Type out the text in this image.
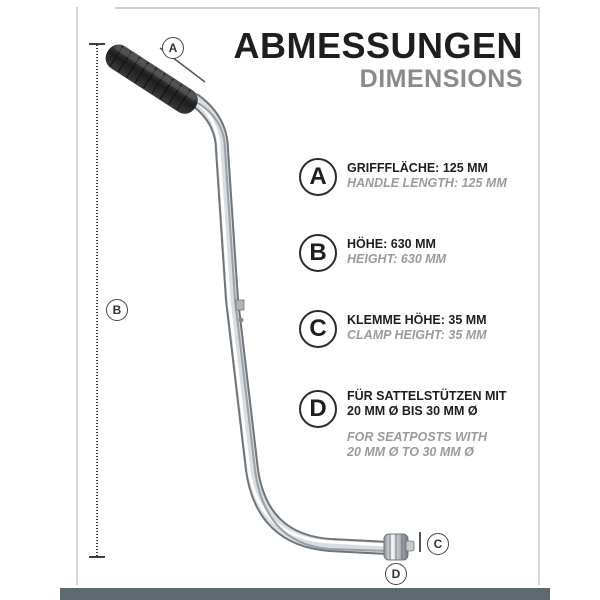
A
B
C
D
ABMESSUNGEN
DIMENSIONS
A	GRIFFFLÄCHE: 125 MM
HANDLE LENGTH: 125 MM
B	HÖHE: 630 MM
HEIGHT: 630 MM
C	KLEMME HÖHE: 35 MM
CLAMP HEIGHT: 35 MM
D	FÜR SATTELSTÜTZEN MIT
20 MM Ø BIS 30 MM Ø
FOR SEATPOSTS WITH
20 MM Ø TO 30 MM Ø
